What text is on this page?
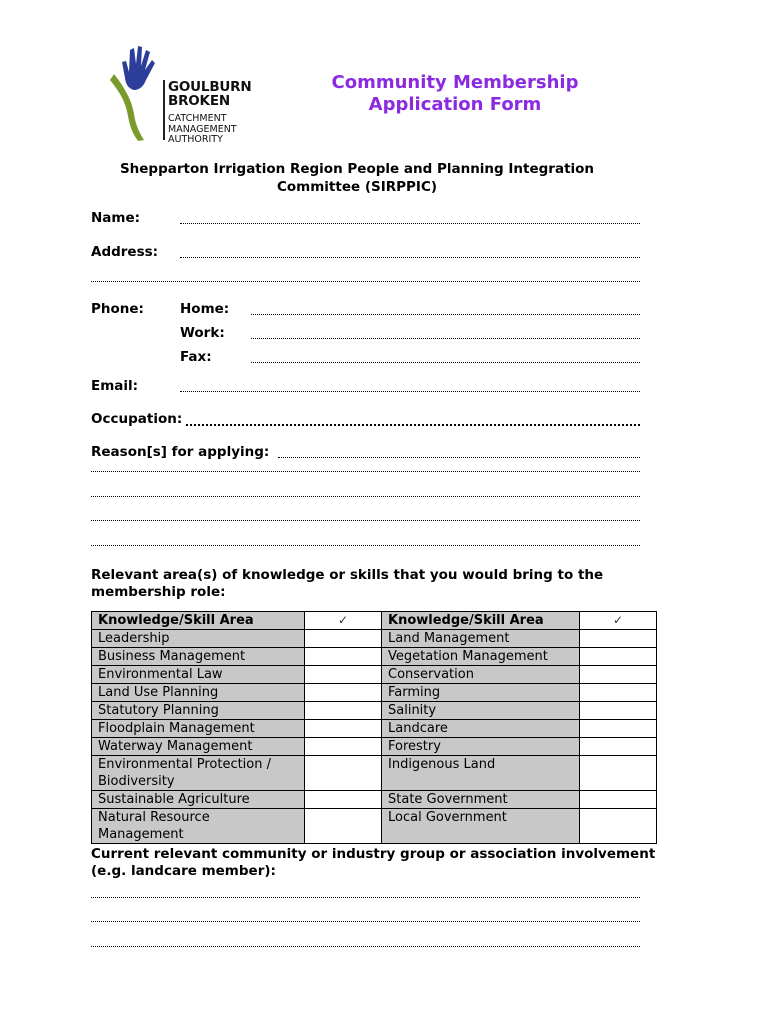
GOULBURN
BROKEN
CATCHMENT
MANAGEMENT
AUTHORITY
Community Membership
Application Form
Shepparton Irrigation Region People and Planning Integration
Committee (SIRPPIC)
Name:
Address:
Phone:	Home:
Work:
Fax:
Email:
Occupation:
Reason[s] for applying:
Relevant area(s) of knowledge or skills that you would bring to the
membership role:
Knowledge/Skill Area	✓	Knowledge/Skill Area	✓
Leadership		Land Management	
Business Management		Vegetation Management	
Environmental Law		Conservation	
Land Use Planning		Farming	
Statutory Planning		Salinity	
Floodplain Management		Landcare	
Waterway Management		Forestry	
Environmental Protection / Biodiversity		Indigenous Land	
Sustainable Agriculture		State Government	
Natural Resource Management		Local Government	
Current relevant community or industry group or association involvement
(e.g. landcare member):
